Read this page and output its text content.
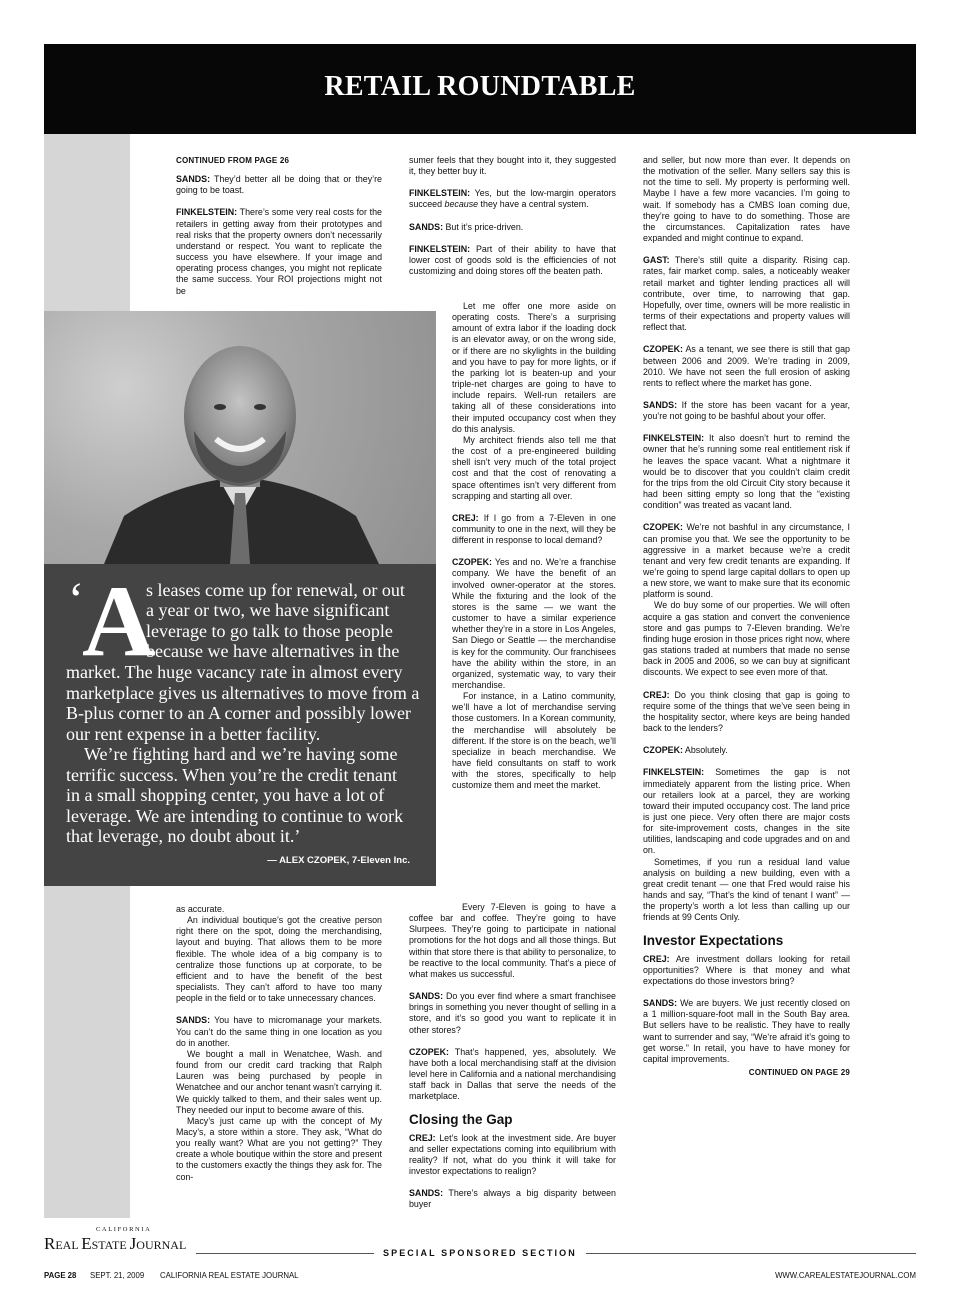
RETAIL ROUNDTABLE
CONTINUED FROM PAGE 26

SANDS: They’d better all be doing that or they’re going to be toast.

FINKELSTEIN: There’s some very real costs for the retailers in getting away from their prototypes and real risks that the property owners don’t necessarily understand or respect. You want to replicate the success you have elsewhere. If your image and operating process changes, you might not replicate the same success. Your ROI projections might not be

as accurate.

An individual boutique’s got the creative person right there on the spot, doing the merchandising, layout and buying. That allows them to be more flexible. The whole idea of a big company is to centralize those functions up at corporate, to be efficient and to have the benefit of the best specialists. They can’t afford to have too many people in the field or to take unnecessary chances.

SANDS: You have to micromanage your markets. You can’t do the same thing in one location as you do in another.

We bought a mall in Wenatchee, Wash. and found from our credit card tracking that Ralph Lauren was being purchased by people in Wenatchee and our anchor tenant wasn’t carrying it. We quickly talked to them, and their sales went up. They needed our input to become aware of this.

Macy’s just came up with the concept of My Macy’s, a store within a store. They ask, “What do you really want? What are you not getting?” They create a whole boutique within the store and present to the customers exactly the things they ask for. The con-

sumer feels that they bought into it, they suggested it, they better buy it.

FINKELSTEIN: Yes, but the low-margin operators succeed because they have a central system.

SANDS: But it’s price-driven.

FINKELSTEIN: Part of their ability to have that lower cost of goods sold is the efficiencies of not customizing and doing stores off the beaten path.

Let me offer one more aside on operating costs. There’s a surprising amount of extra labor if the loading dock is an elevator away, or on the wrong side, or if there are no skylights in the building and you have to pay for more lights, or if the parking lot is beaten-up and your triple-net charges are going to have to include repairs. Well-run retailers are taking all of these considerations into their imputed occupancy cost when they do this analysis.

My architect friends also tell me that the cost of a pre-engineered building shell isn’t very much of the total project cost and that the cost of renovating a space oftentimes isn’t very different from scrapping and starting all over.

CREJ: If I go from a 7-Eleven in one community to one in the next, will they be different in response to local demand?

CZOPEK: Yes and no. We’re a franchise company. We have the benefit of an involved owner-operator at the stores. While the fixturing and the look of the stores is the same — we want the customer to have a similar experience whether they’re in a store in Los Angeles, San Diego or Seattle — the merchandise is key for the community. Our franchisees have the ability within the store, in an organized, systematic way, to vary their merchandise.

For instance, in a Latino community, we’ll have a lot of merchandise serving those customers. In a Korean community, the merchandise will absolutely be different. If the store is on the beach, we’ll specialize in beach merchandise. We have field consultants on staff to work with the stores, specifically to help customize them and meet the market.

Every 7-Eleven is going to have a coffee bar and coffee. They’re going to have Slurpees. They’re going to participate in national promotions for the hot dogs and all those things. But within that store there is that ability to personalize, to be reactive to the local community. That’s a piece of what makes us successful.

SANDS: Do you ever find where a smart franchisee brings in something you never thought of selling in a store, and it’s so good you want to replicate it in other stores?

CZOPEK: That’s happened, yes, absolutely. We have both a local merchandising staff at the division level here in California and a national merchandising staff back in Dallas that serve the needs of the marketplace.

Closing the Gap

CREJ: Let’s look at the investment side. Are buyer and seller expectations coming into equilibrium with reality? If not, what do you think it will take for investor expectations to realign?

SANDS: There’s always a big disparity between buyer

and seller, but now more than ever. It depends on the motivation of the seller. Many sellers say this is not the time to sell. My property is performing well. Maybe I have a few more vacancies. I’m going to wait. If somebody has a CMBS loan coming due, they’re going to have to do something. Those are the circumstances. Capitalization rates have expanded and might continue to expand.

GAST: There’s still quite a disparity. Rising cap. rates, fair market comp. sales, a noticeably weaker retail market and tighter lending practices all will contribute, over time, to narrowing that gap. Hopefully, over time, owners will be more realistic in terms of their expectations and property values will reflect that.

CZOPEK: As a tenant, we see there is still that gap between 2006 and 2009. We’re trading in 2009, 2010. We have not seen the full erosion of asking rents to reflect where the market has gone.

SANDS: If the store has been vacant for a year, you’re not going to be bashful about your offer.

FINKELSTEIN: It also doesn’t hurt to remind the owner that he’s running some real entitlement risk if he leaves the space vacant. What a nightmare it would be to discover that you couldn’t claim credit for the trips from the old Circuit City story because it had been sitting empty so long that the “existing condition” was treated as vacant land.

CZOPEK: We’re not bashful in any circumstance, I can promise you that. We see the opportunity to be aggressive in a market because we’re a credit tenant and very few credit tenants are expanding. If we’re going to spend large capital dollars to open up a new store, we want to make sure that its economic platform is sound.

We do buy some of our properties. We will often acquire a gas station and convert the convenience store and gas pumps to 7-Eleven branding. We’re finding huge erosion in those prices right now, where gas stations traded at numbers that made no sense back in 2005 and 2006, so we can buy at significant discounts. We expect to see even more of that.

CREJ: Do you think closing that gap is going to require some of the things that we’ve seen being in the hospitality sector, where keys are being handed back to the lenders?

CZOPEK: Absolutely.

FINKELSTEIN: Sometimes the gap is not immediately apparent from the listing price. When our retailers look at a parcel, they are working toward their imputed occupancy cost. The land price is just one piece. Very often there are major costs for site-improvement costs, changes in the site utilities, landscaping and code upgrades and on and on.

Sometimes, if you run a residual land value analysis on building a new building, even with a great credit tenant — one that Fred would raise his hands and say, “That’s the kind of tenant I want” — the property’s worth a lot less than calling up our friends at 99 Cents Only.

Investor Expectations

CREJ: Are investment dollars looking for retail opportunities? Where is that money and what expectations do those investors bring?

SANDS: We are buyers. We just recently closed on a 1 million-square-foot mall in the South Bay area. But sellers have to be realistic. They have to really want to surrender and say, “We’re afraid it’s going to get worse.” In retail, you have to have money for capital improvements.

CONTINUED ON PAGE 29
‘
A
s leases come up for renewal, or out
a year or two, we have significant
leverage to go talk to those people
because we have alternatives in the
market. The huge vacancy rate in almost every
marketplace gives us alternatives to move from a
B-plus corner to an A corner and possibly lower
our rent expense in a better facility.
We’re fighting hard and we’re having some
terrific success. When you’re the credit tenant
in a small shopping center, you have a lot of
leverage. We are intending to continue to work
that leverage, no doubt about it.’
— ALEX CZOPEK, 7-Eleven Inc.
CALIFORNIA
REAL ESTATE JOURNAL
SPECIAL SPONSORED SECTION
PAGE 28 SEPT. 21, 2009 CALIFORNIA REAL ESTATE JOURNAL	WWW.CAREALESTATEJOURNAL.COM
